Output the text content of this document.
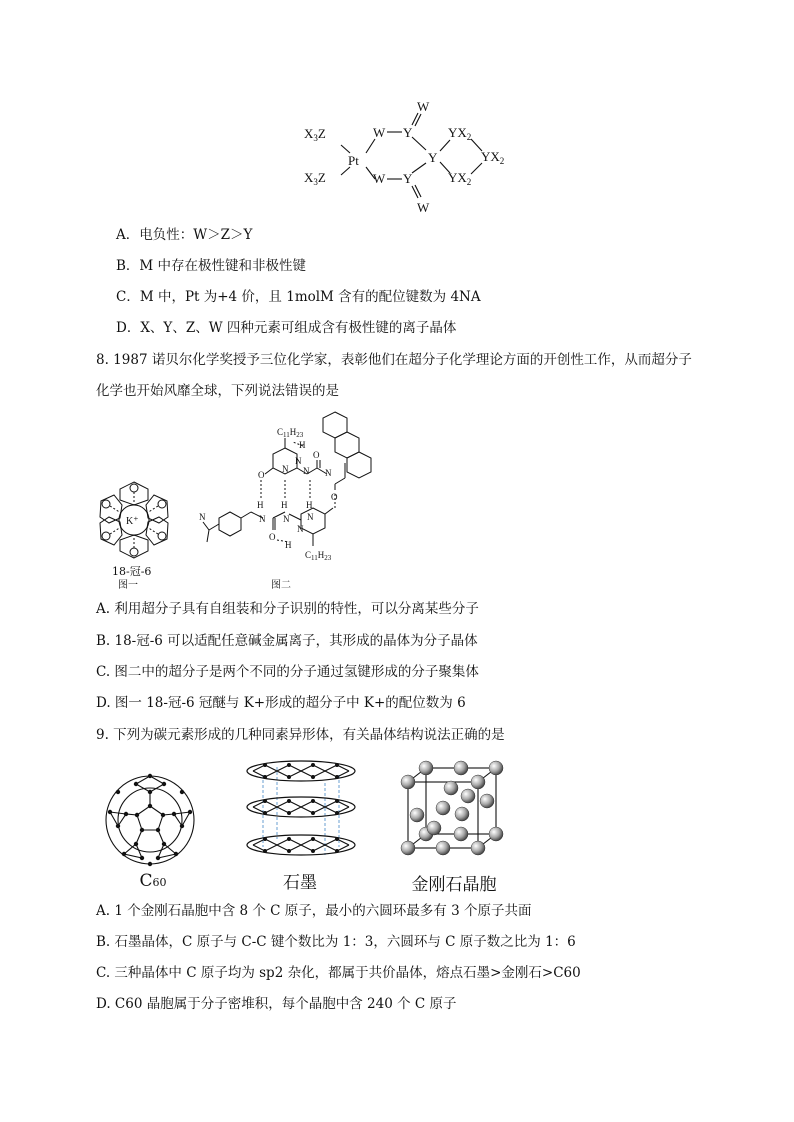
$X_3Z$
$X_3Z$
Pt
W
W
Y
Y
W
W
Y
$YX_2$
$YX_2$
$YX_2$
A．电负性：W＞Z＞Y
B．M 中存在极性键和非极性键
C．M 中，Pt 为+4 价，且 1molM 含有的配位键数为 4NA
D．X、Y、Z、W 四种元素可组成含有极性键的离子晶体
8. 1987 诺贝尔化学奖授予三位化学家，表彰他们在超分子化学理论方面的开创性工作，从而超分子
化学也开始风靡全球，下列说法错误的是
K⁺
18-冠-6
图一
$C_{11}H_{23}$
H
N
N
O	N
O
N
O
H H H
N N N
O
H
N
N
$C_{11}H_{23}$
图二
A. 利用超分子具有自组装和分子识别的特性，可以分离某些分子
B. 18-冠-6 可以适配任意碱金属离子，其形成的晶体为分子晶体
C. 图二中的超分子是两个不同的分子通过氢键形成的分子聚集体
D. 图一 18-冠-6 冠醚与 K+形成的超分子中 K+的配位数为 6
9. 下列为碳元素形成的几种同素异形体，有关晶体结构说法正确的是
C60	石墨	金刚石晶胞
A. 1 个金刚石晶胞中含 8 个 C 原子，最小的六圆环最多有 3 个原子共面
B. 石墨晶体，C 原子与 C-C 键个数比为 1：3，六圆环与 C 原子数之比为 1：6
C. 三种晶体中 C 原子均为 sp2 杂化，都属于共价晶体，熔点石墨>金刚石>C60
D. C60 晶胞属于分子密堆积，每个晶胞中含 240 个 C 原子
